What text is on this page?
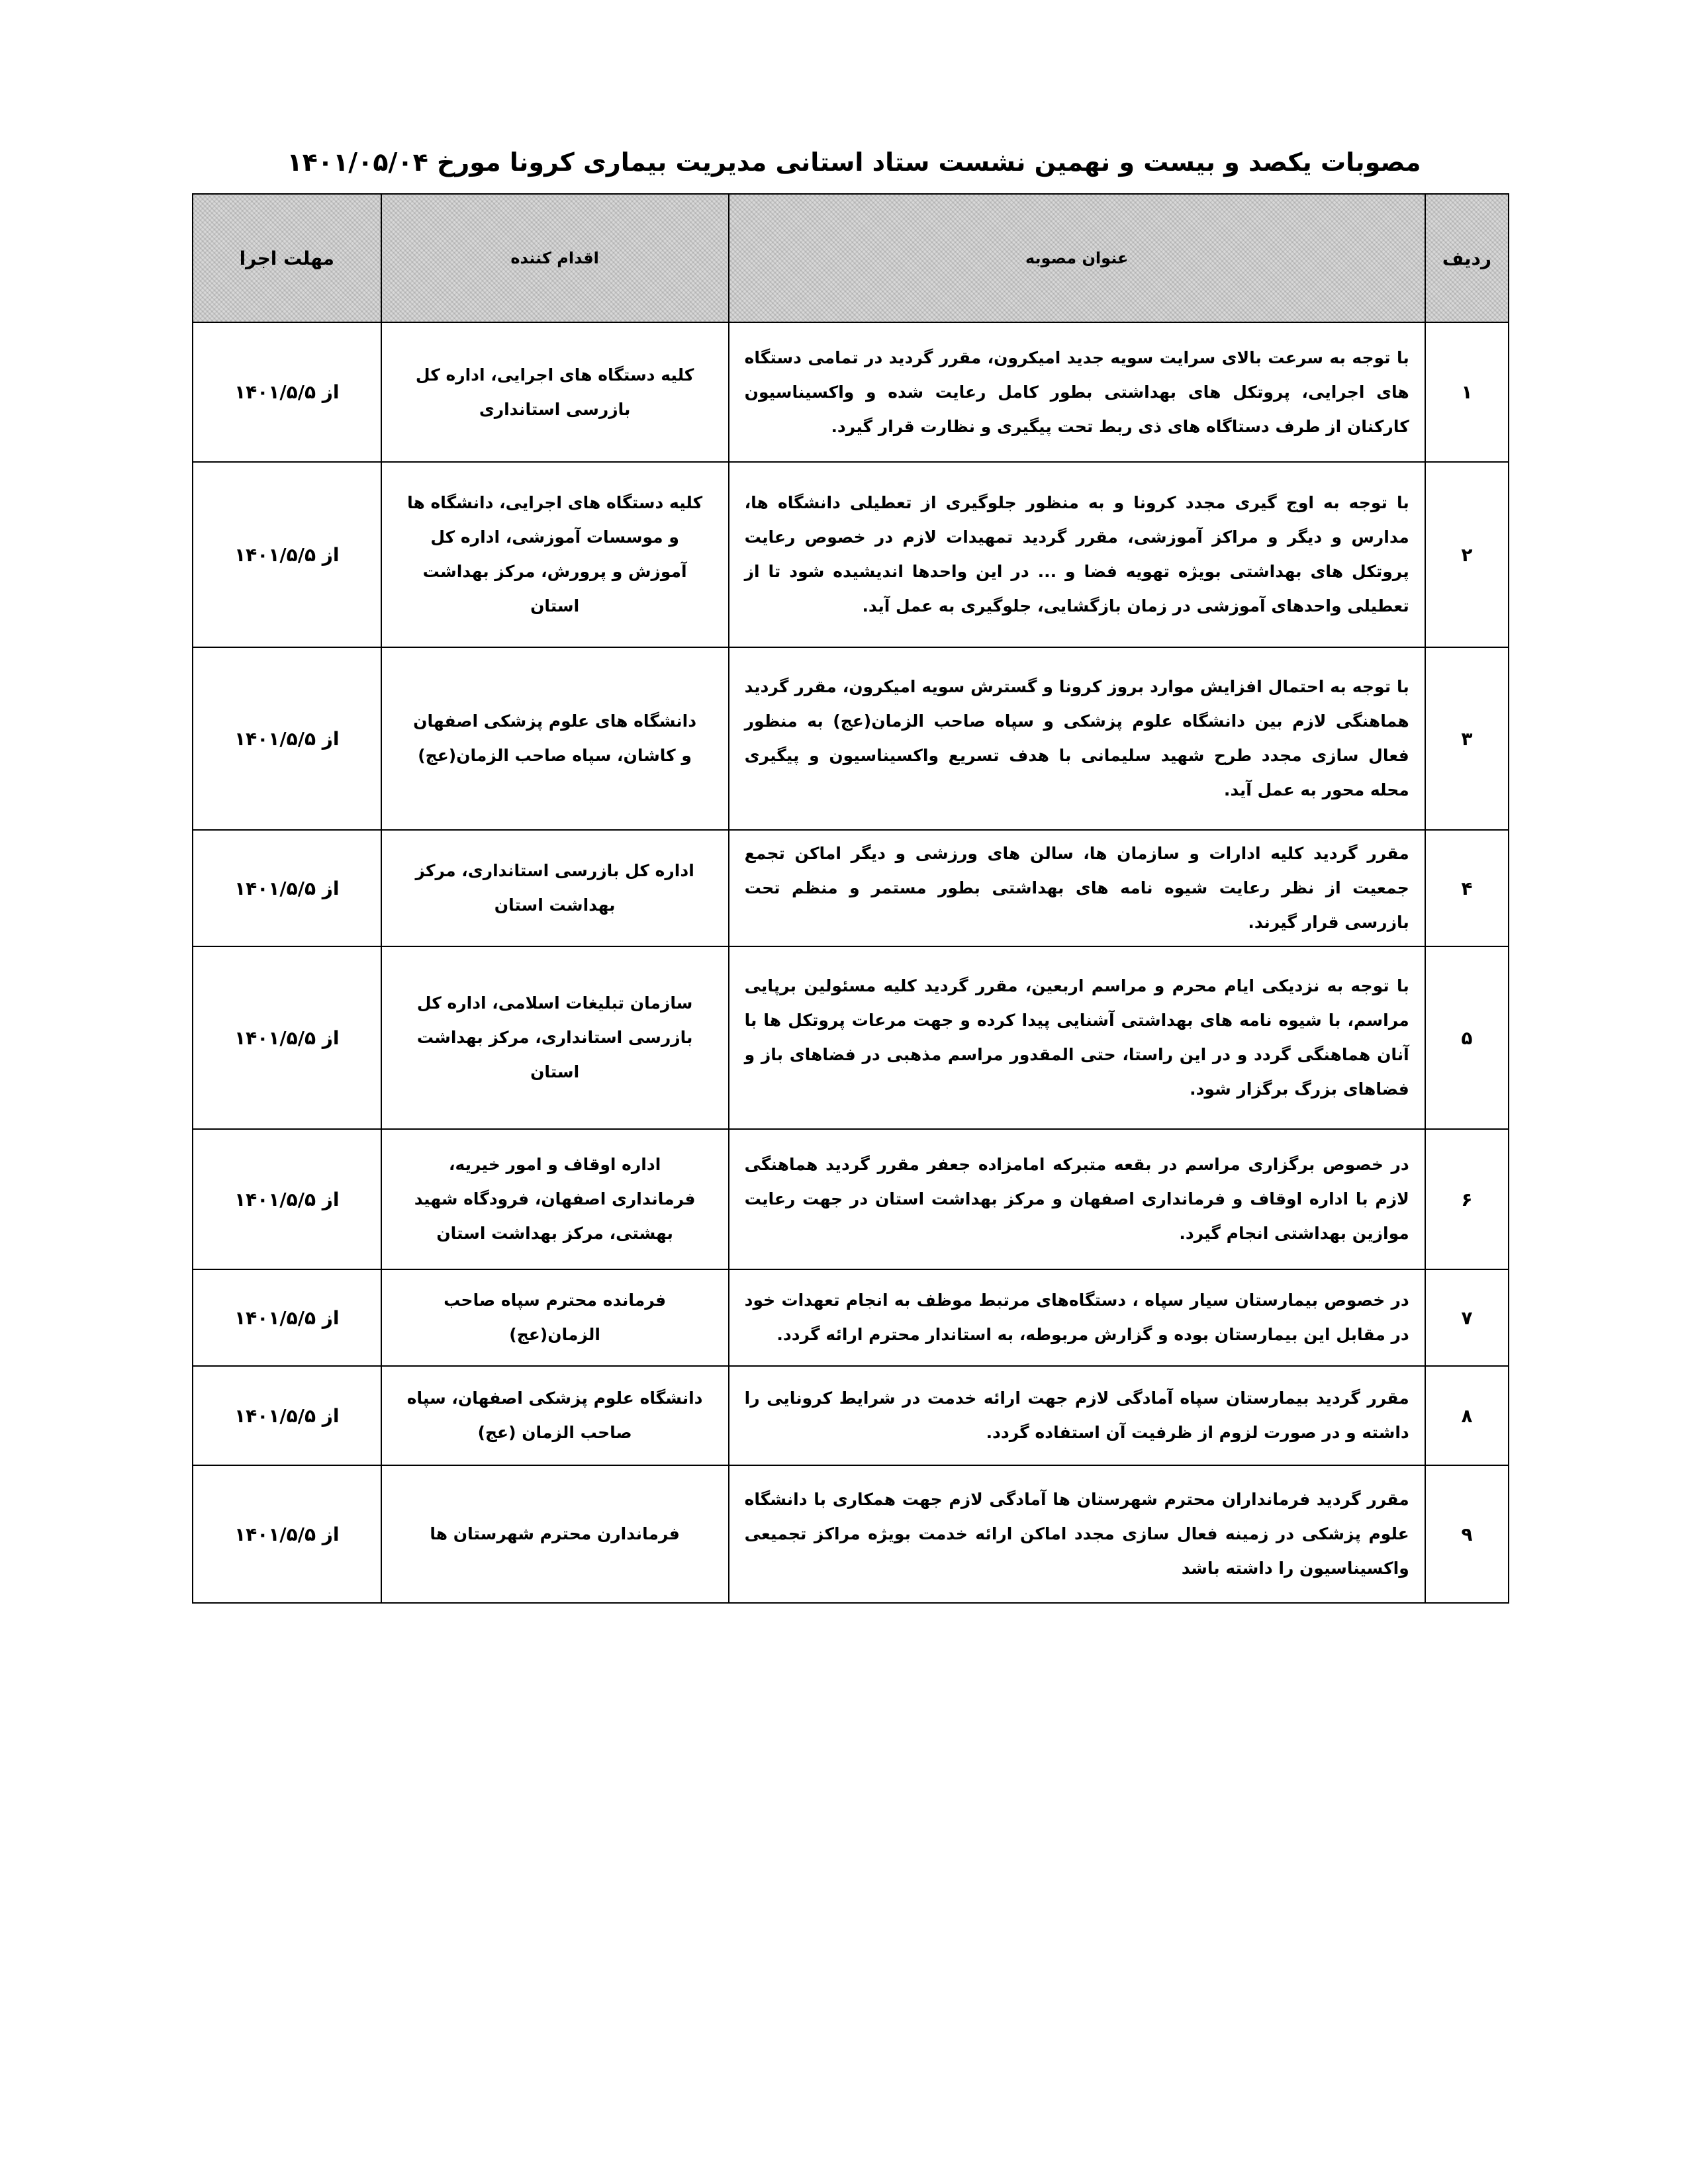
مصوبات یکصد و بیست و نهمین نشست ستاد استانی مدیریت بیماری کرونا مورخ ۱۴۰۱/۰۵/۰۴
ردیف	عنوان مصوبه	اقدام کننده	مهلت اجرا
۱	با توجه به سرعت بالای سرایت سویه جدید امیکرون، مقرر گردید در تمامی دستگاه های اجرایی، پروتکل های بهداشتی بطور کامل رعایت شده و واکسیناسیون کارکنان از طرف دستاگاه های ذی ربط تحت پیگیری و نظارت قرار گیرد.	کلیه دستگاه های اجرایی، اداره کل بازرسی استانداری	از ۱۴۰۱/۵/۵
۲	با توجه به اوج گیری مجدد کرونا و به منظور جلوگیری از تعطیلی دانشگاه ها، مدارس و دیگر و مراکز آموزشی، مقرر گردید تمهیدات لازم در خصوص رعایت پروتکل های بهداشتی بویژه تهویه فضا و ... در این واحدها اندیشیده شود تا از تعطیلی واحدهای آموزشی در زمان بازگشایی، جلوگیری به عمل آید.	کلیه دستگاه های اجرایی، دانشگاه ها و موسسات آموزشی، اداره کل آموزش و پرورش، مرکز بهداشت استان	از ۱۴۰۱/۵/۵
۳	با توجه به احتمال افزایش موارد بروز کرونا و گسترش سویه امیکرون، مقرر گردید هماهنگی لازم بین دانشگاه علوم پزشکی و سپاه صاحب الزمان(عج) به منظور فعال سازی مجدد طرح شهید سلیمانی با هدف تسریع واکسیناسیون و پیگیری محله محور به عمل آید.	دانشگاه های علوم پزشکی اصفهان و کاشان، سپاه صاحب الزمان(عج)	از ۱۴۰۱/۵/۵
۴	مقرر گردید کلیه ادارات و سازمان ها، سالن های ورزشی و دیگر اماکن تجمع جمعیت از نظر رعایت شیوه نامه های بهداشتی بطور مستمر و منظم تحت بازرسی قرار گیرند.	اداره کل بازرسی استانداری، مرکز بهداشت استان	از ۱۴۰۱/۵/۵
۵	با توجه به نزدیکی ایام محرم و مراسم اربعین، مقرر گردید کلیه مسئولین برپایی مراسم، با شیوه نامه های بهداشتی آشنایی پیدا کرده و جهت مرعات پروتکل ها با آنان هماهنگی گردد و در این راستا، حتی المقدور مراسم مذهبی در فضاهای باز و فضاهای بزرگ برگزار شود.	سازمان تبلیغات اسلامی، اداره کل بازرسی استانداری، مرکز بهداشت استان	از ۱۴۰۱/۵/۵
۶	در خصوص برگزاری مراسم در بقعه متبرکه امامزاده جعفر مقرر گردید هماهنگی لازم با اداره اوقاف و فرمانداری اصفهان و مرکز بهداشت استان در جهت رعایت موازین بهداشتی انجام گیرد.	اداره اوقاف و امور خیریه، فرمانداری اصفهان، فرودگاه شهید بهشتی، مرکز بهداشت استان	از ۱۴۰۱/۵/۵
۷	در خصوص بیمارستان سیار سپاه ، دستگاه‌های مرتبط موظف به انجام تعهدات خود در مقابل این بیمارستان بوده و گزارش مربوطه، به استاندار محترم ارائه گردد.	فرمانده محترم سپاه صاحب الزمان(عج)	از ۱۴۰۱/۵/۵
۸	مقرر گردید بیمارستان سپاه آمادگی لازم جهت ارائه خدمت در شرایط کرونایی را داشته و در صورت لزوم از ظرفیت آن استفاده گردد.	دانشگاه علوم پزشکی اصفهان، سپاه صاحب الزمان (عج)	از ۱۴۰۱/۵/۵
۹	مقرر گردید فرمانداران محترم شهرستان ها آمادگی لازم جهت همکاری با دانشگاه علوم پزشکی در زمینه فعال سازی مجدد اماکن ارائه خدمت بویژه مراکز تجمیعی واکسیناسیون را داشته باشد	فرماندارن محترم شهرستان ها	از ۱۴۰۱/۵/۵
